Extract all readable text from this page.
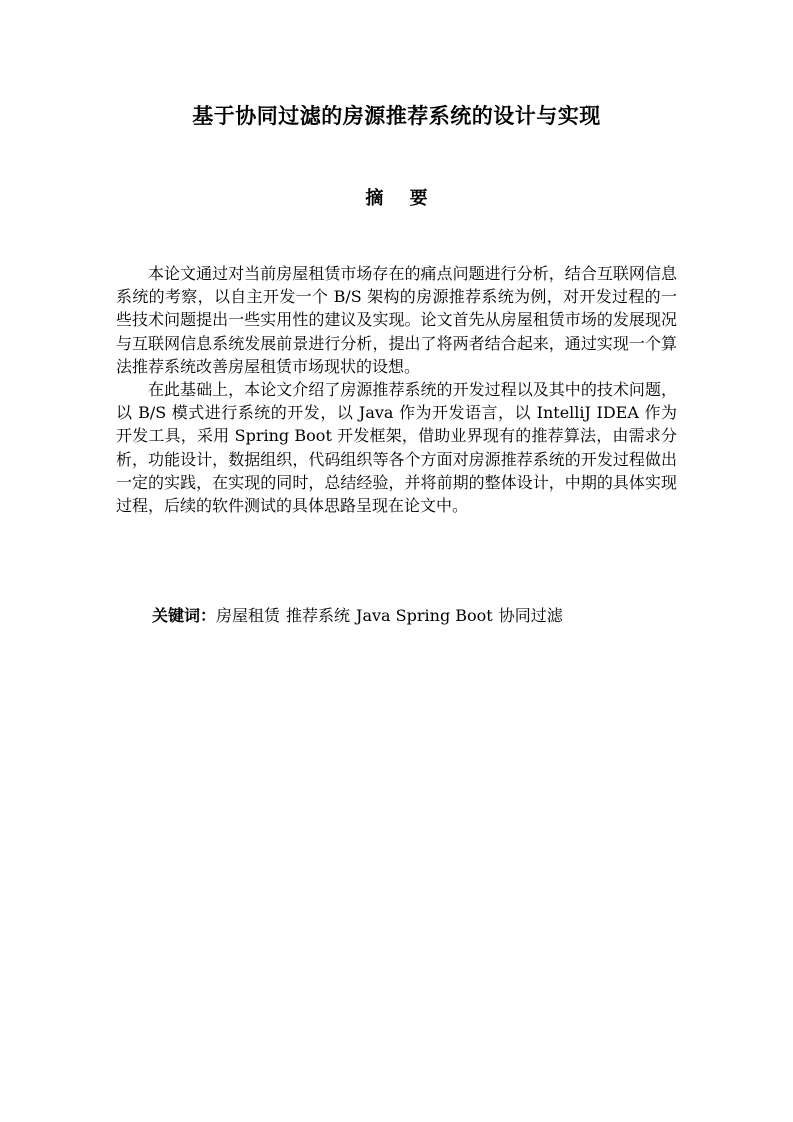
基于协同过滤的房源推荐系统的设计与实现
摘 要

本论文通过对当前房屋租赁市场存在的痛点问题进行分析，结合互联网信息系统的考察，以自主开发一个 B/S 架构的房源推荐系统为例，对开发过程的一些技术问题提出一些实用性的建议及实现。论文首先从房屋租赁市场的发展现况与互联网信息系统发展前景进行分析，提出了将两者结合起来，通过实现一个算法推荐系统改善房屋租赁市场现状的设想。

在此基础上，本论文介绍了房源推荐系统的开发过程以及其中的技术问题，以 B/S 模式进行系统的开发，以 Java 作为开发语言，以 IntelliJ IDEA 作为开发工具，采用 Spring Boot 开发框架，借助业界现有的推荐算法，由需求分析，功能设计，数据组织，代码组织等各个方面对房源推荐系统的开发过程做出一定的实践，在实现的同时，总结经验，并将前期的整体设计，中期的具体实现过程，后续的软件测试的具体思路呈现在论文中。

关键词：房屋租赁 推荐系统 Java Spring Boot 协同过滤
